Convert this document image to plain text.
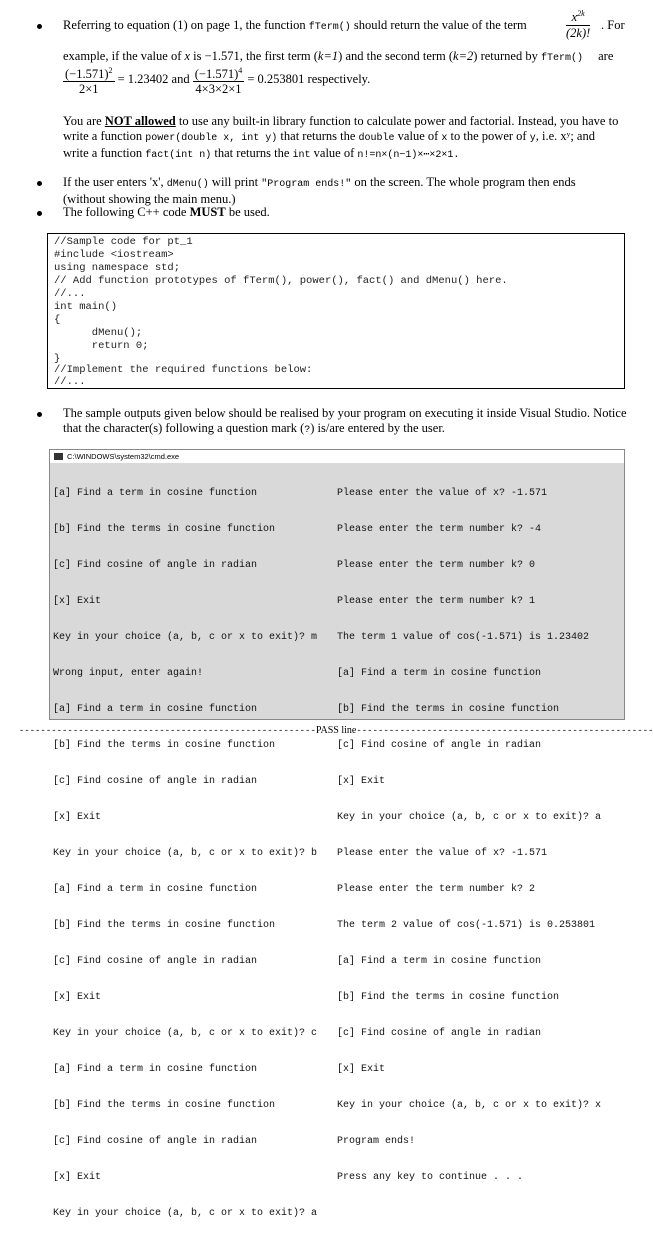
Referring to equation (1) on page 1, the function fTerm() should return the value of the term
$x^{2k}$
(2k)!
. For
example, if the value of x is −1.571, the first term (k=1) and the second term (k=2) returned by fTerm() are
$\frac{(-1.571)^2}{2\times 1} = 1.23402$ and $\frac{(-1.571)^4}{4\times 3\times 2\times 1} = 0.253801$ respectively.
You are NOT allowed to use any built-in library function to calculate power and factorial. Instead, you have to
write a function power(double x, int y) that returns the double value of x to the power of y, i.e. xʸ; and
write a function fact(int n) that returns the int value of n!=n×(n−1)×⋯×2×1.
If the user enters 'x', dMenu() will print "Program ends!" on the screen. The whole program then ends
(without showing the main menu.)
The following C++ code MUST be used.
//Sample code for pt_1
#include <iostream>
using namespace std;
// Add function prototypes of fTerm(), power(), fact() and dMenu() here.
//...
int main()
{
dMenu();
return 0;
}
//Implement the required functions below:
//...
The sample outputs given below should be realised by your program on executing it inside Visual Studio. Notice
that the character(s) following a question mark (?) is/are entered by the user.
C:\WINDOWS\system32\cmd.exe

[a] Find a term in cosine function

[b] Find the terms in cosine function

[c] Find cosine of angle in radian

[x] Exit

Key in your choice (a, b, c or x to exit)? m

Wrong input, enter again!

[a] Find a term in cosine function

[b] Find the terms in cosine function

[c] Find cosine of angle in radian

[x] Exit

Key in your choice (a, b, c or x to exit)? b

[a] Find a term in cosine function

[b] Find the terms in cosine function

[c] Find cosine of angle in radian

[x] Exit

Key in your choice (a, b, c or x to exit)? c

[a] Find a term in cosine function

[b] Find the terms in cosine function

[c] Find cosine of angle in radian

[x] Exit

Key in your choice (a, b, c or x to exit)? a

Please enter the value of x? -1.571

Please enter the term number k? -4

Please enter the term number k? 0

Please enter the term number k? 1

The term 1 value of cos(-1.571) is 1.23402

[a] Find a term in cosine function

[b] Find the terms in cosine function

[c] Find cosine of angle in radian

[x] Exit

Key in your choice (a, b, c or x to exit)? a

Please enter the value of x? -1.571

Please enter the term number k? 2

The term 2 value of cos(-1.571) is 0.253801

[a] Find a term in cosine function

[b] Find the terms in cosine function

[c] Find cosine of angle in radian

[x] Exit

Key in your choice (a, b, c or x to exit)? x

Program ends!

Press any key to continue . . .

-------------------------------------------------------PASS line-------------------------------------------------------
